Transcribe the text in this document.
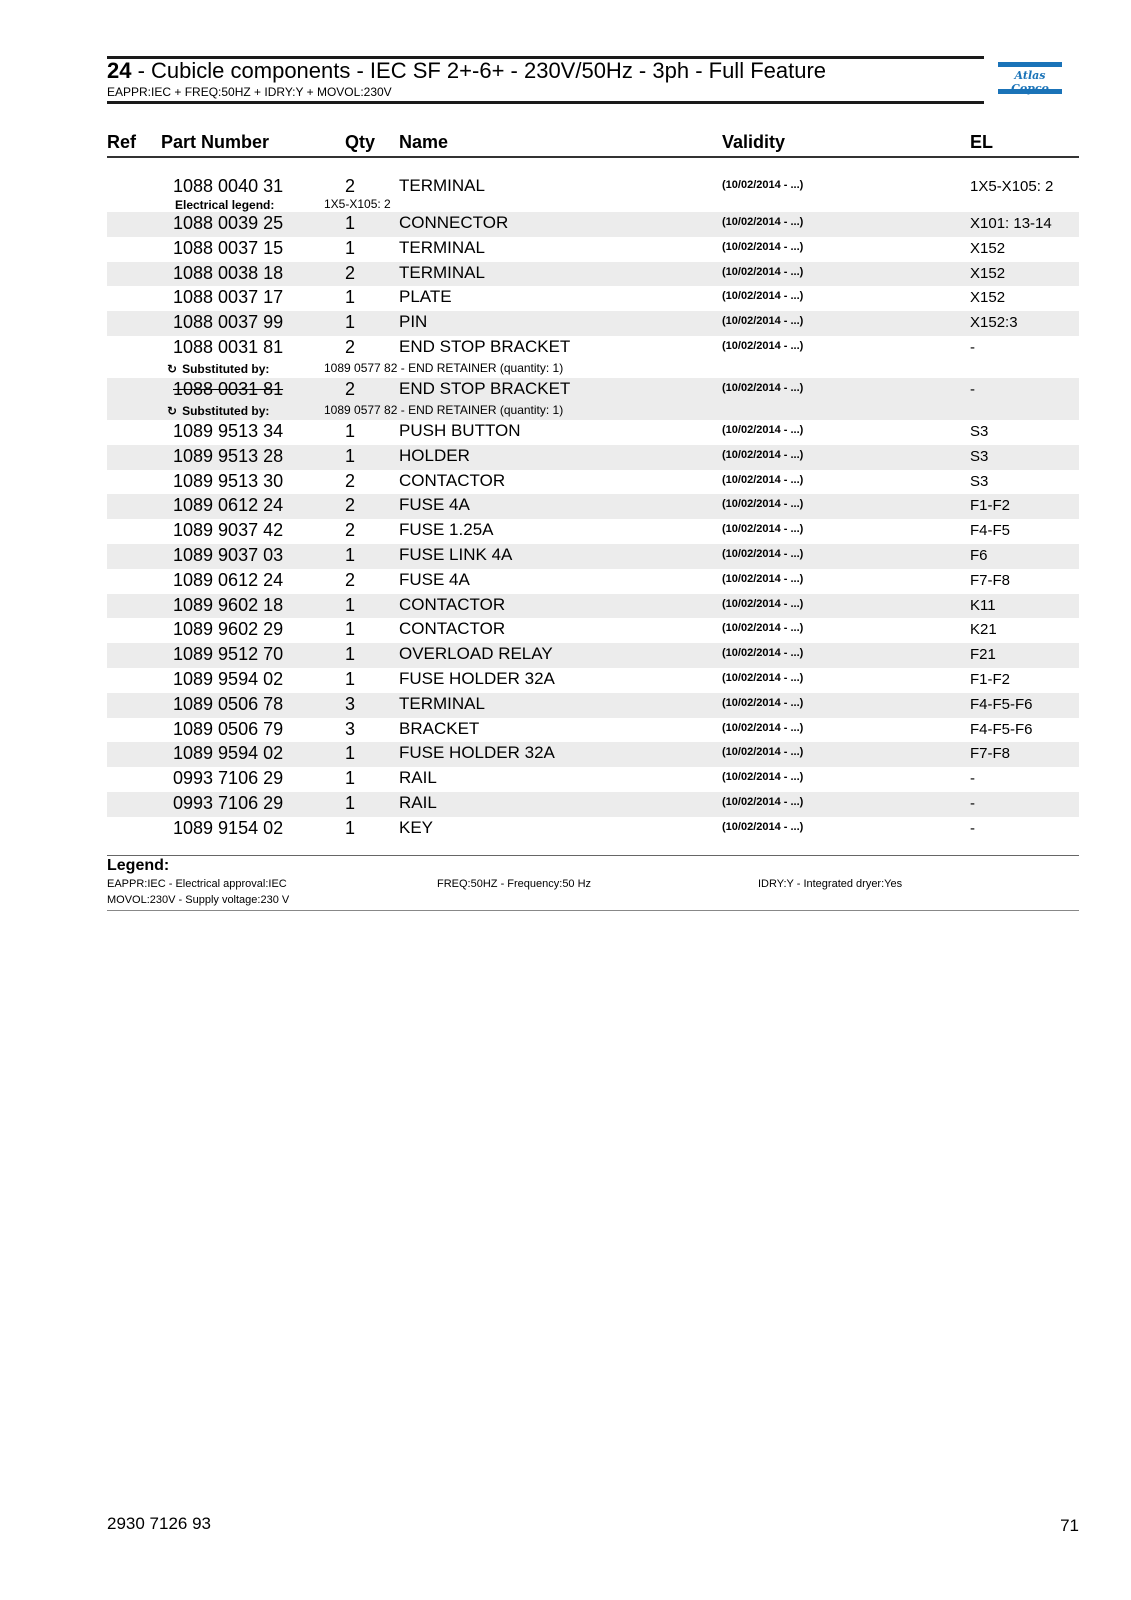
24 - Cubicle components - IEC SF 2+-6+ - 230V/50Hz - 3ph - Full Feature
EAPPR:IEC + FREQ:50HZ + IDRY:Y + MOVOL:230V
Atlas
Ref Part Number	Qty Name	Validity	EL
1088 0040 31	2	TERMINAL	(10/02/2014 - ...)	1X5-X105: 2
Electrical legend:	1X5-X105: 2
1088 0039 25	1	CONNECTOR	(10/02/2014 - ...)	X101: 13-14
1088 0037 15	1	TERMINAL	(10/02/2014 - ...)	X152
1088 0038 18	2	TERMINAL	(10/02/2014 - ...)	X152
1088 0037 17	1	PLATE	(10/02/2014 - ...)	X152
1088 0037 99	1	PIN	(10/02/2014 - ...)	X152:3
1088 0031 81	2	END STOP BRACKET	(10/02/2014 - ...)	-
↻ Substituted by:	1089 0577 82 - END RETAINER (quantity: 1)
1088 0031 81	2	END STOP BRACKET	(10/02/2014 - ...)	-
↻ Substituted by:	1089 0577 82 - END RETAINER (quantity: 1)
1089 9513 34	1	PUSH BUTTON	(10/02/2014 - ...)	S3
1089 9513 28	1	HOLDER	(10/02/2014 - ...)	S3
1089 9513 30	2	CONTACTOR	(10/02/2014 - ...)	S3
1089 0612 24	2	FUSE 4A	(10/02/2014 - ...)	F1-F2
1089 9037 42	2	FUSE 1.25A	(10/02/2014 - ...)	F4-F5
1089 9037 03	1	FUSE LINK 4A	(10/02/2014 - ...)	F6
1089 0612 24	2	FUSE 4A	(10/02/2014 - ...)	F7-F8
1089 9602 18	1	CONTACTOR	(10/02/2014 - ...)	K11
1089 9602 29	1	CONTACTOR	(10/02/2014 - ...)	K21
1089 9512 70	1	OVERLOAD RELAY	(10/02/2014 - ...)	F21
1089 9594 02	1	FUSE HOLDER 32A	(10/02/2014 - ...)	F1-F2
1089 0506 78	3	TERMINAL	(10/02/2014 - ...)	F4-F5-F6
1089 0506 79	3	BRACKET	(10/02/2014 - ...)	F4-F5-F6
1089 9594 02	1	FUSE HOLDER 32A	(10/02/2014 - ...)	F7-F8
0993 7106 29	1	RAIL	(10/02/2014 - ...)	-
0993 7106 29	1	RAIL	(10/02/2014 - ...)	-
1089 9154 02	1	KEY	(10/02/2014 - ...)	-
Legend:
EAPPR:IEC - Electrical approval:IEC	FREQ:50HZ - Frequency:50 Hz	IDRY:Y - Integrated dryer:Yes
MOVOL:230V - Supply voltage:230 V
2930 7126 93	71
